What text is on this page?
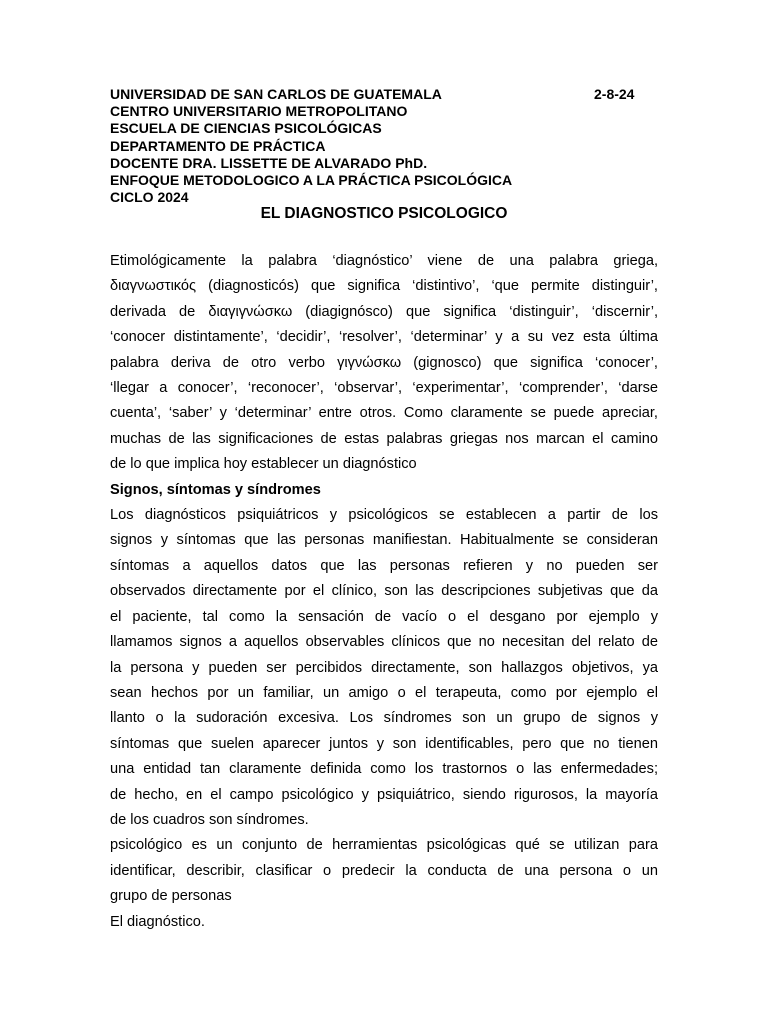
UNIVERSIDAD DE SAN CARLOS DE GUATEMALA	2-8-24
CENTRO UNIVERSITARIO METROPOLITANO
ESCUELA DE CIENCIAS PSICOLÓGICAS
DEPARTAMENTO DE PRÁCTICA
DOCENTE DRA. LISSETTE DE ALVARADO PhD.
ENFOQUE METODOLOGICO A LA PRÁCTICA PSICOLÓGICA
CICLO 2024
EL DIAGNOSTICO PSICOLOGICO

Etimológicamente la palabra ‘diagnóstico’ viene de una palabra griega,
διαγνωστικός (diagnosticós) que significa ‘distintivo’, ‘que permite distinguir’,
derivada de διαγιγνώσκω (diagignósco) que significa ‘distinguir’, ‘discernir’,
‘conocer distintamente’, ‘decidir’, ‘resolver’, ‘determinar’ y a su vez esta última
palabra deriva de otro verbo γιγνώσκω (gignosco) que significa ‘conocer’,
‘llegar a conocer’, ‘reconocer’, ‘observar’, ‘experimentar’, ‘comprender’, ‘darse
cuenta’, ‘saber’ y ‘determinar’ entre otros. Como claramente se puede apreciar,
muchas de las significaciones de estas palabras griegas nos marcan el camino
de lo que implica hoy establecer un diagnóstico

Signos, síntomas y síndromes

Los diagnósticos psiquiátricos y psicológicos se establecen a partir de los
signos y síntomas que las personas manifiestan. Habitualmente se consideran
síntomas a aquellos datos que las personas refieren y no pueden ser
observados directamente por el clínico, son las descripciones subjetivas que da
el paciente, tal como la sensación de vacío o el desgano por ejemplo y
llamamos signos a aquellos observables clínicos que no necesitan del relato de
la persona y pueden ser percibidos directamente, son hallazgos objetivos, ya
sean hechos por un familiar, un amigo o el terapeuta, como por ejemplo el
llanto o la sudoración excesiva. Los síndromes son un grupo de signos y
síntomas que suelen aparecer juntos y son identificables, pero que no tienen
una entidad tan claramente definida como los trastornos o las enfermedades;
de hecho, en el campo psicológico y psiquiátrico, siendo rigurosos, la mayoría
de los cuadros son síndromes.

psicológico es un conjunto de herramientas psicológicas qué se utilizan para
identificar, describir, clasificar o predecir la conducta de una persona o un
grupo de personas

El diagnóstico.
